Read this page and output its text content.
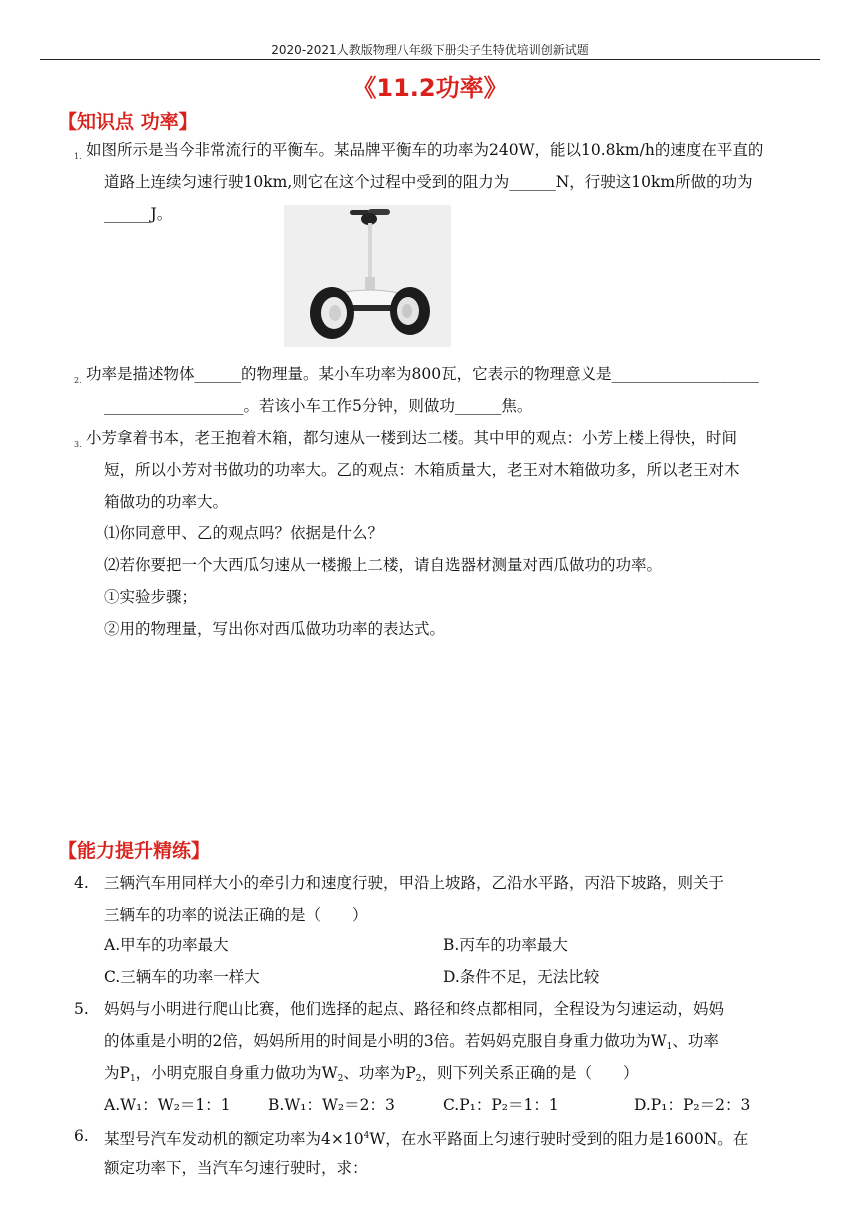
2020-2021人教版物理八年级下册尖子生特优培训创新试题
《11.2功率》
【知识点 功率】
1. 如图所示是当今非常流行的平衡车。某品牌平衡车的功率为240W，能以10.8km/h的速度在平直的
道路上连续匀速行驶10km,则它在这个过程中受到的阻力为______N，行驶这10km所做的功为
______J。
2. 功率是描述物体______的物理量。某小车功率为800瓦，它表示的物理意义是___________________
__________________。若该小车工作5分钟，则做功______焦。
3. 小芳拿着书本，老王抱着木箱，都匀速从一楼到达二楼。其中甲的观点：小芳上楼上得快，时间
短，所以小芳对书做功的功率大。乙的观点：木箱质量大，老王对木箱做功多，所以老王对木
箱做功的功率大。
⑴你同意甲、乙的观点吗？依据是什么？
⑵若你要把一个大西瓜匀速从一楼搬上二楼，请自选器材测量对西瓜做功的功率。
①实验步骤；
②用的物理量，写出你对西瓜做功功率的表达式。
【能力提升精练】
4. 三辆汽车用同样大小的牵引力和速度行驶，甲沿上坡路，乙沿水平路，丙沿下坡路，则关于
三辆车的功率的说法正确的是（　　）
A.甲车的功率最大	B.丙车的功率最大
C.三辆车的功率一样大	D.条件不足，无法比较
5. 妈妈与小明进行爬山比赛，他们选择的起点、路径和终点都相同，全程设为匀速运动，妈妈
的体重是小明的2倍，妈妈所用的时间是小明的3倍。若妈妈克服自身重力做功为$W_1$、功率
为$P_1$，小明克服自身重力做功为$W_2$、功率为$P_2$，则下列关系正确的是（　　）
A.W₁：W₂＝1：1 B.W₁：W₂＝2：3	C.P₁：P₂＝1：1	D.P₁：P₂＝2：3
6. 某型号汽车发动机的额定功率为$4\times 10^4W$，在水平路面上匀速行驶时受到的阻力是1600N。在
额定功率下，当汽车匀速行驶时，求：
